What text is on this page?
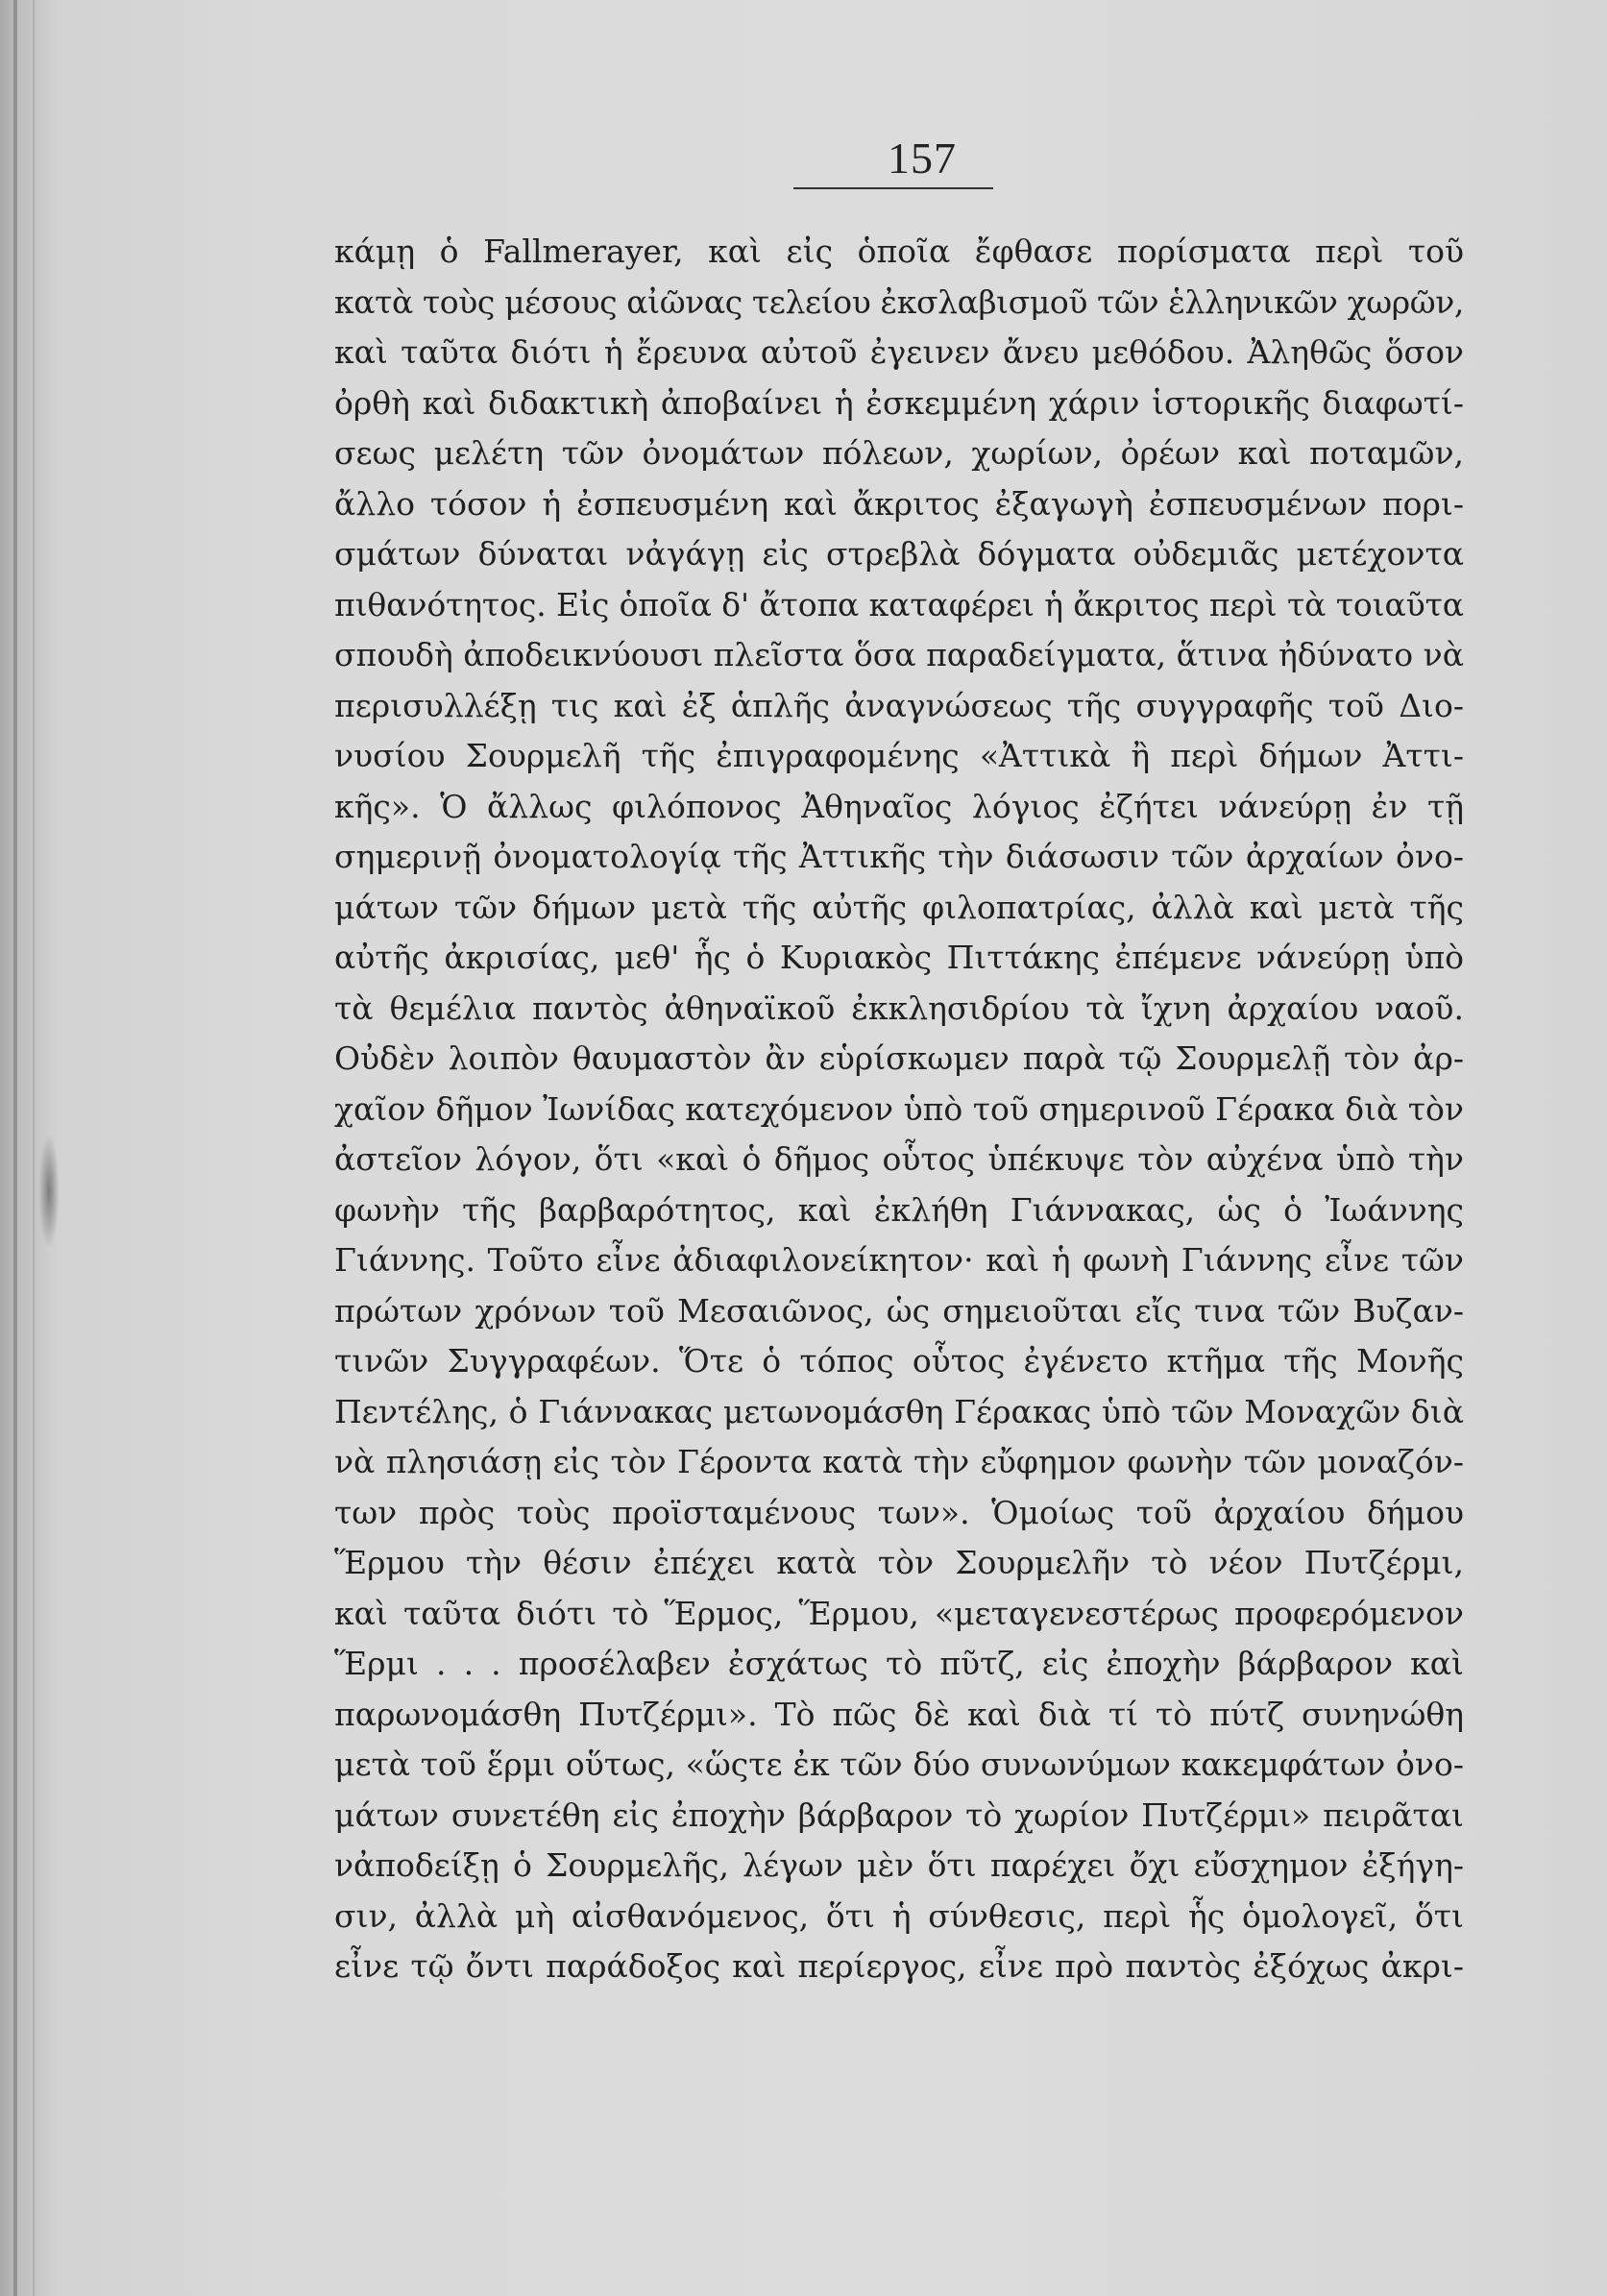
157
κάμῃ ὁ Fallmerayer, καὶ εἰς ὁποῖα ἔφθασε πορίσματα περὶ τοῦ
κατὰ τοὺς μέσους αἰῶνας τελείου ἐκσλαβισμοῦ τῶν ἑλληνικῶν χωρῶν,
καὶ ταῦτα διότι ἡ ἔρευνα αὐτοῦ ἐγεινεν ἄνευ μεθόδου. Ἀληθῶς ὅσον
ὀρθὴ καὶ διδακτικὴ ἀποβαίνει ἡ ἐσκεμμένη χάριν ἱστορικῆς διαφωτί-
σεως μελέτη τῶν ὀνομάτων πόλεων, χωρίων, ὀρέων καὶ ποταμῶν,
ἄλλο τόσον ἡ ἐσπευσμένη καὶ ἄκριτος ἐξαγωγὴ ἐσπευσμένων πορι-
σμάτων δύναται νἀγάγῃ εἰς στρεβλὰ δόγματα οὐδεμιᾶς μετέχοντα
πιθανότητος. Εἰς ὁποῖα δ' ἄτοπα καταφέρει ἡ ἄκριτος περὶ τὰ τοιαῦτα
σπουδὴ ἀποδεικνύουσι πλεῖστα ὅσα παραδείγματα, ἅτινα ἠδύνατο νὰ
περισυλλέξῃ τις καὶ ἐξ ἁπλῆς ἀναγνώσεως τῆς συγγραφῆς τοῦ Διο-
νυσίου Σουρμελῆ τῆς ἐπιγραφομένης «Ἀττικὰ ἢ περὶ δήμων Ἀττι-
κῆς». Ὁ ἄλλως φιλόπονος Ἀθηναῖος λόγιος ἐζήτει νάνεύρῃ ἐν τῇ
σημερινῇ ὀνοματολογίᾳ τῆς Ἀττικῆς τὴν διάσωσιν τῶν ἀρχαίων ὀνο-
μάτων τῶν δήμων μετὰ τῆς αὐτῆς φιλοπατρίας, ἀλλὰ καὶ μετὰ τῆς
αὐτῆς ἀκρισίας, μεθ' ἧς ὁ Κυριακὸς Πιττάκης ἐπέμενε νάνεύρῃ ὑπὸ
τὰ θεμέλια παντὸς ἀθηναϊκοῦ ἐκκλησιδρίου τὰ ἴχνη ἀρχαίου ναοῦ.
Οὐδὲν λοιπὸν θαυμαστὸν ἂν εὑρίσκωμεν παρὰ τῷ Σουρμελῇ τὸν ἀρ-
χαῖον δῆμον Ἰωνίδας κατεχόμενον ὑπὸ τοῦ σημερινοῦ Γέρακα διὰ τὸν
ἀστεῖον λόγον, ὅτι «καὶ ὁ δῆμος οὗτος ὑπέκυψε τὸν αὐχένα ὑπὸ τὴν
φωνὴν τῆς βαρβαρότητος, καὶ ἐκλήθη Γιάννακας, ὡς ὁ Ἰωάννης
Γιάννης. Τοῦτο εἶνε ἀδιαφιλονείκητον· καὶ ἡ φωνὴ Γιάννης εἶνε τῶν
πρώτων χρόνων τοῦ Μεσαιῶνος, ὡς σημειοῦται εἴς τινα τῶν Βυζαν-
τινῶν Συγγραφέων. Ὅτε ὁ τόπος οὗτος ἐγένετο κτῆμα τῆς Μονῆς
Πεντέλης, ὁ Γιάννακας μετωνομάσθη Γέρακας ὑπὸ τῶν Μοναχῶν διὰ
νὰ πλησιάσῃ εἰς τὸν Γέροντα κατὰ τὴν εὔφημον φωνὴν τῶν μοναζόν-
των πρὸς τοὺς προϊσταμένους των». Ὁμοίως τοῦ ἀρχαίου δήμου
Ἕρμου τὴν θέσιν ἐπέχει κατὰ τὸν Σουρμελῆν τὸ νέον Πυτζέρμι,
καὶ ταῦτα διότι τὸ Ἕρμος, Ἕρμου, «μεταγενεστέρως προφερόμενον
Ἕρμι . . . προσέλαβεν ἐσχάτως τὸ πῦτζ, εἰς ἐποχὴν βάρβαρον καὶ
παρωνομάσθη Πυτζέρμι». Τὸ πῶς δὲ καὶ διὰ τί τὸ πύτζ συνηνώθη
μετὰ τοῦ ἕρμι οὕτως, «ὥςτε ἐκ τῶν δύο συνωνύμων κακεμφάτων ὀνο-
μάτων συνετέθη εἰς ἐποχὴν βάρβαρον τὸ χωρίον Πυτζέρμι» πειρᾶται
νἀποδείξῃ ὁ Σουρμελῆς, λέγων μὲν ὅτι παρέχει ὄχι εὔσχημον ἐξήγη-
σιν, ἀλλὰ μὴ αἰσθανόμενος, ὅτι ἡ σύνθεσις, περὶ ἧς ὁμολογεῖ, ὅτι
εἶνε τῷ ὄντι παράδοξος καὶ περίεργος, εἶνε πρὸ παντὸς ἐξόχως ἀκρι-
